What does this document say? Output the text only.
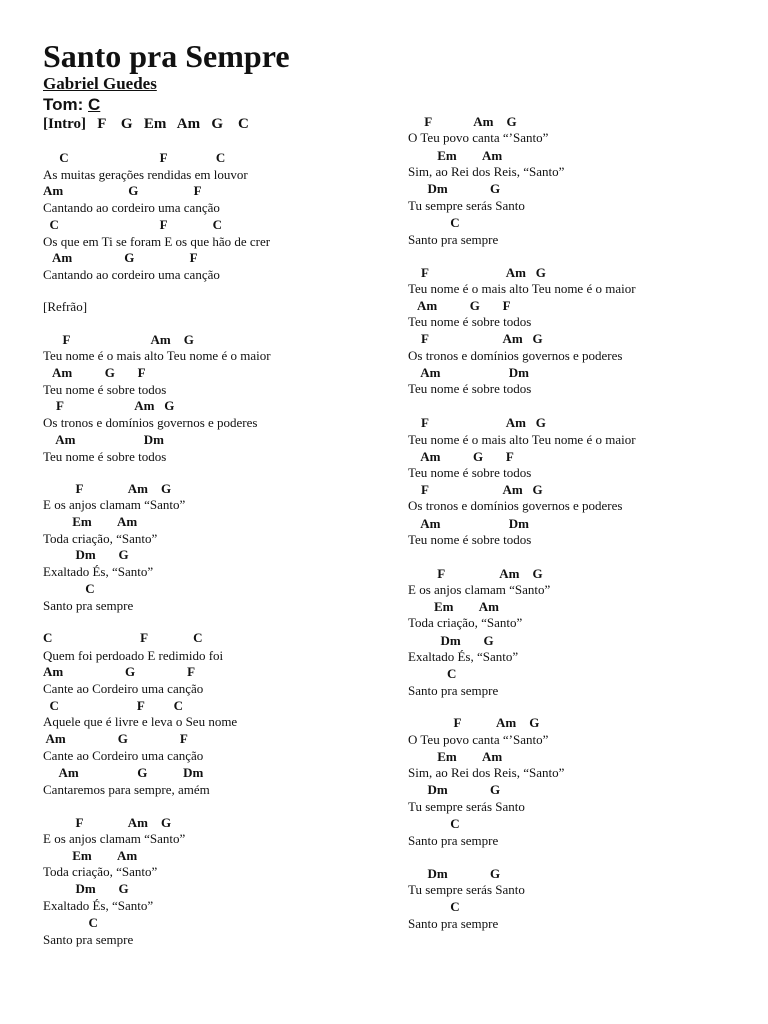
Santo pra Sempre
Gabriel Guedes
Tom: C
[Intro]   F    G   Em   Am   G    C
C                            F               C
As muitas gerações rendidas em louvor
Am                    G                 F
Cantando ao cordeiro uma canção
C                               F              C
Os que em Ti se foram E os que hão de crer
Am                G                 F
Cantando ao cordeiro uma canção
[Refrão]
F                         Am    G
Teu nome é o mais alto Teu nome é o maior
Am          G       F
Teu nome é sobre todos
F                      Am   G
Os tronos e domínios governos e poderes
Am                     Dm
Teu nome é sobre todos
F              Am    G
E os anjos clamam “Santo”
Em        Am
Toda criação, “Santo”
Dm       G
Exaltado És, “Santo”
C
Santo pra sempre
C                           F              C
Quem foi perdoado E redimido foi
Am                   G                F
Cante ao Cordeiro uma canção
C                        F         C
Aquele que é livre e leva o Seu nome
Am                G                F
Cante ao Cordeiro uma canção
Am                  G           Dm
Cantaremos para sempre, amém
F              Am    G
E os anjos clamam “Santo”
Em        Am
Toda criação, “Santo”
Dm       G
Exaltado És, “Santo”
C
Santo pra sempre
F             Am    G
O Teu povo canta “’Santo”
Em        Am
Sim, ao Rei dos Reis, “Santo”
Dm             G
Tu sempre serás Santo
C
Santo pra sempre
F                        Am   G
Teu nome é o mais alto Teu nome é o maior
Am          G       F
Teu nome é sobre todos
F                       Am   G
Os tronos e domínios governos e poderes
Am                     Dm
Teu nome é sobre todos
F                        Am   G
Teu nome é o mais alto Teu nome é o maior
Am          G       F
Teu nome é sobre todos
F                       Am   G
Os tronos e domínios governos e poderes
Am                     Dm
Teu nome é sobre todos
F                 Am    G
E os anjos clamam “Santo”
Em        Am
Toda criação, “Santo”
Dm       G
Exaltado És, “Santo”
C
Santo pra sempre
F           Am    G
O Teu povo canta “’Santo”
Em        Am
Sim, ao Rei dos Reis, “Santo”
Dm             G
Tu sempre serás Santo
C
Santo pra sempre
Dm             G
Tu sempre serás Santo
C
Santo pra sempre
